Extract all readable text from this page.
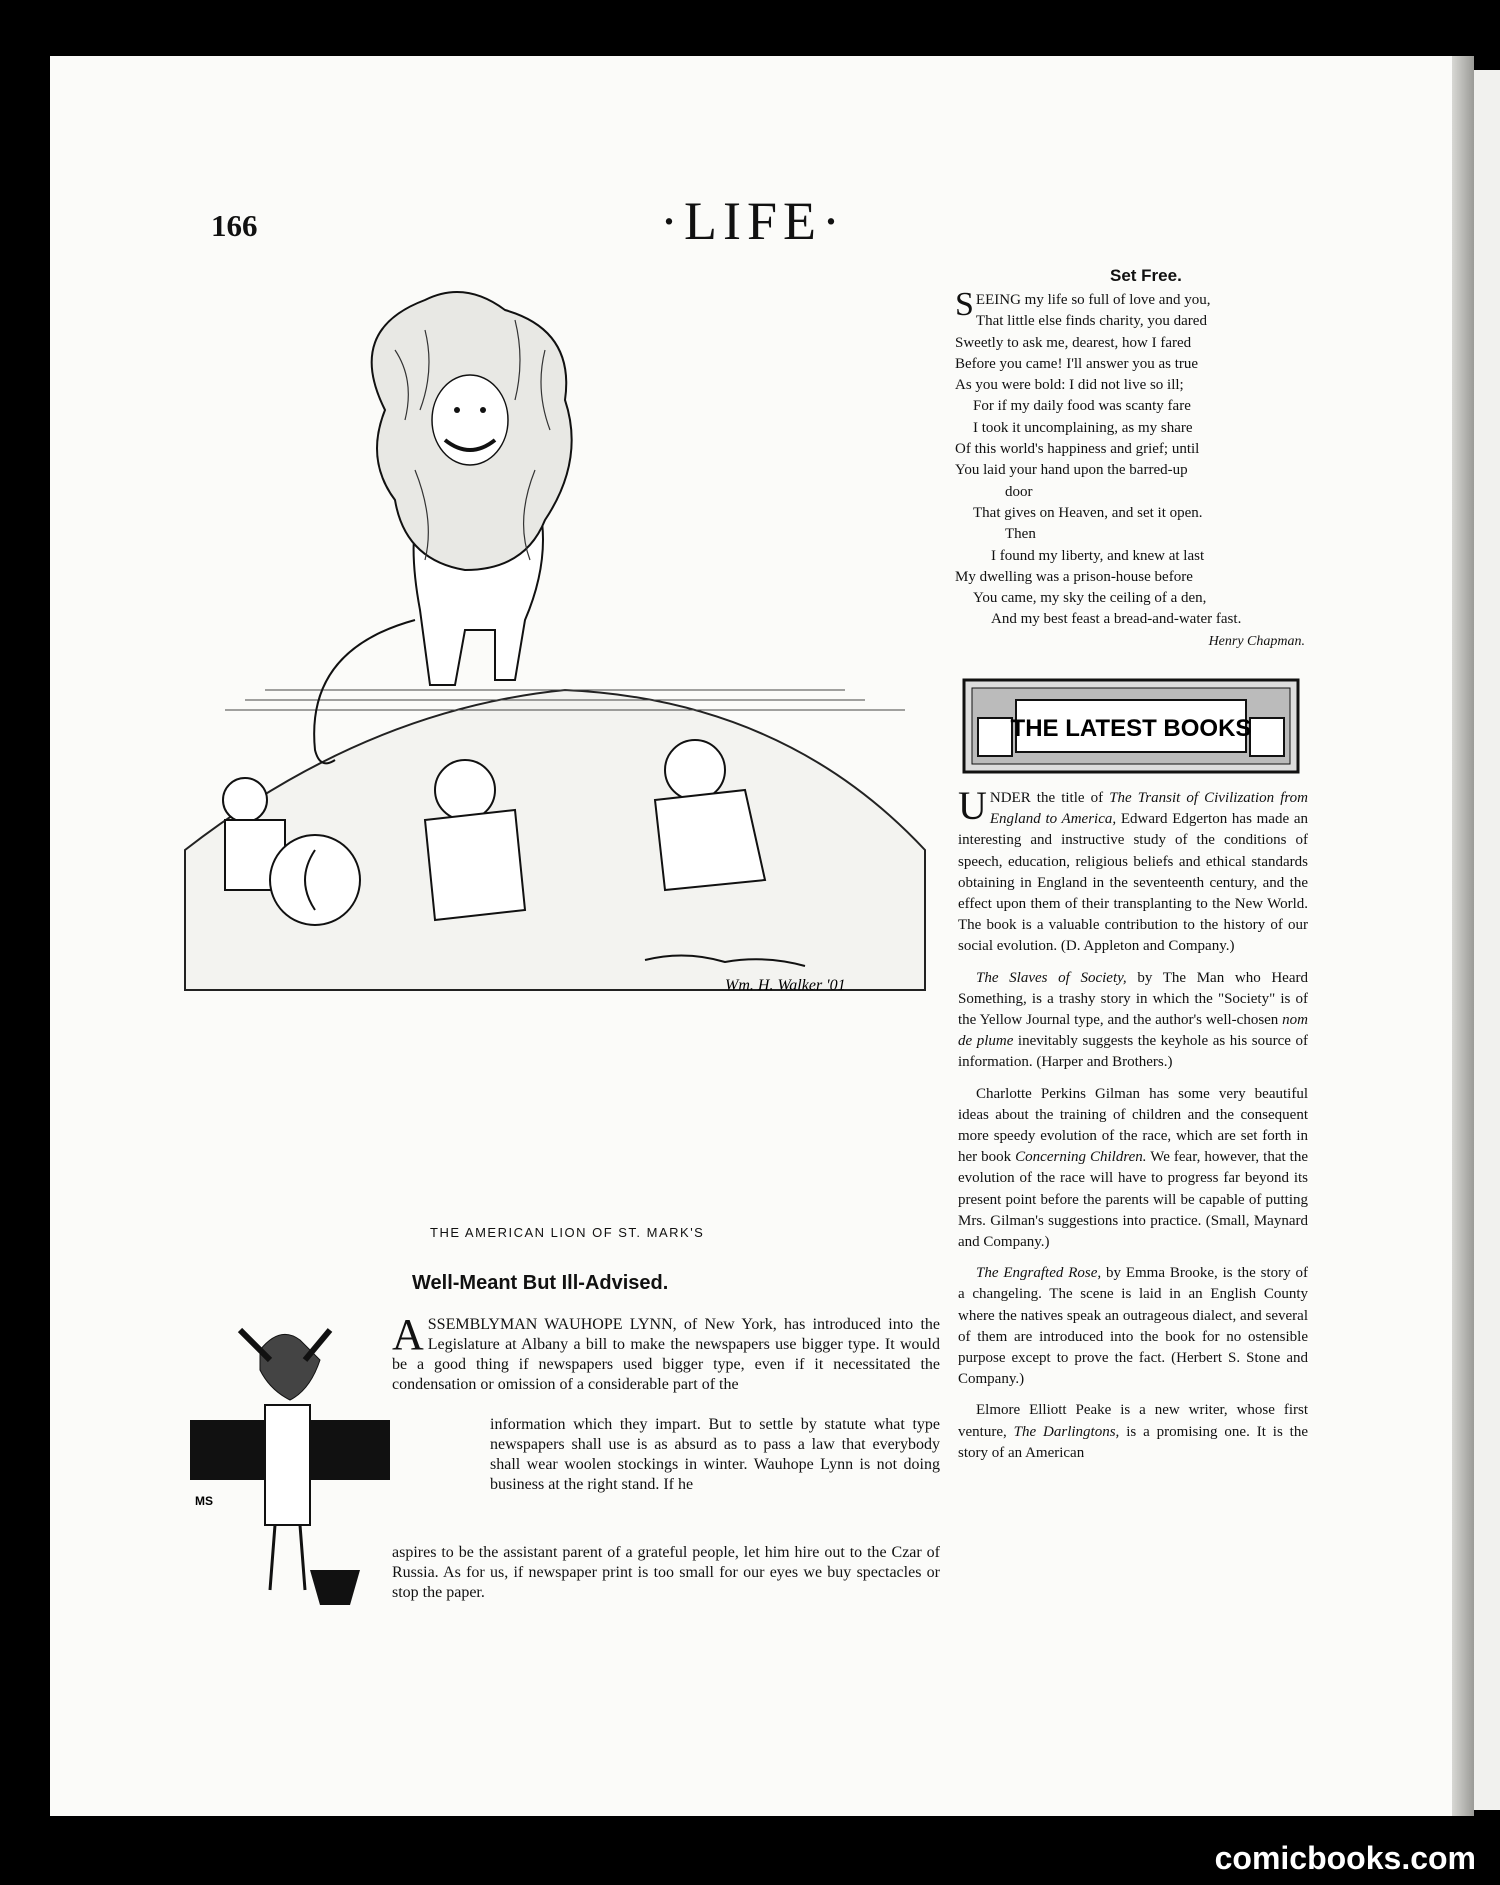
166	·LIFE·
Wm. H. Walker '01
THE AMERICAN LION OF ST. MARK'S
Well-Meant But Ill-Advised.
MS
ASSEMBLYMAN WAUHOPE LYNN, of New York, has introduced into the Legislature at Albany a bill to make the newspapers use bigger type. It would be a good thing if newspapers used bigger type, even if it necessitated the condensation or omission of a considerable part of the
information which they impart. But to settle by statute what type newspapers shall use is as absurd as to pass a law that everybody shall wear woolen stockings in winter. Wauhope Lynn is not doing business at the right stand. If he
aspires to be the assistant parent of a grateful people, let him hire out to the Czar of Russia. As for us, if newspaper print is too small for our eyes we buy spectacles or stop the paper.
Set Free.
S EEING my life so full of love and you,
That little else finds charity, you dared
Sweetly to ask me, dearest, how I fared
Before you came! I'll answer you as true
As you were bold: I did not live so ill;
For if my daily food was scanty fare
I took it uncomplaining, as my share
Of this world's happiness and grief; until
You laid your hand upon the barred-up
door
That gives on Heaven, and set it open.
Then
I found my liberty, and knew at last
My dwelling was a prison-house before
You came, my sky the ceiling of a den,
And my best feast a bread-and-water fast.
Henry Chapman.
THE LATEST BOOKS

UNDER the title of The Transit of Civilization from England to America, Edward Edgerton has made an interesting and instructive study of the conditions of speech, education, religious beliefs and ethical standards obtaining in England in the seventeenth century, and the effect upon them of their transplanting to the New World. The book is a valuable contribution to the history of our social evolution. (D. Appleton and Company.)

The Slaves of Society, by The Man who Heard Something, is a trashy story in which the "Society" is of the Yellow Journal type, and the author's well-chosen nom de plume inevitably suggests the keyhole as his source of information. (Harper and Brothers.)

Charlotte Perkins Gilman has some very beautiful ideas about the training of children and the consequent more speedy evolution of the race, which are set forth in her book Concerning Children. We fear, however, that the evolution of the race will have to progress far beyond its present point before the parents will be capable of putting Mrs. Gilman's suggestions into practice. (Small, Maynard and Company.)

The Engrafted Rose, by Emma Brooke, is the story of a changeling. The scene is laid in an English County where the natives speak an outrageous dialect, and several of them are introduced into the book for no ostensible purpose except to prove the fact. (Herbert S. Stone and Company.)

Elmore Elliott Peake is a new writer, whose first venture, The Darlingtons, is a promising one. It is the story of an American

comicbooks.com
